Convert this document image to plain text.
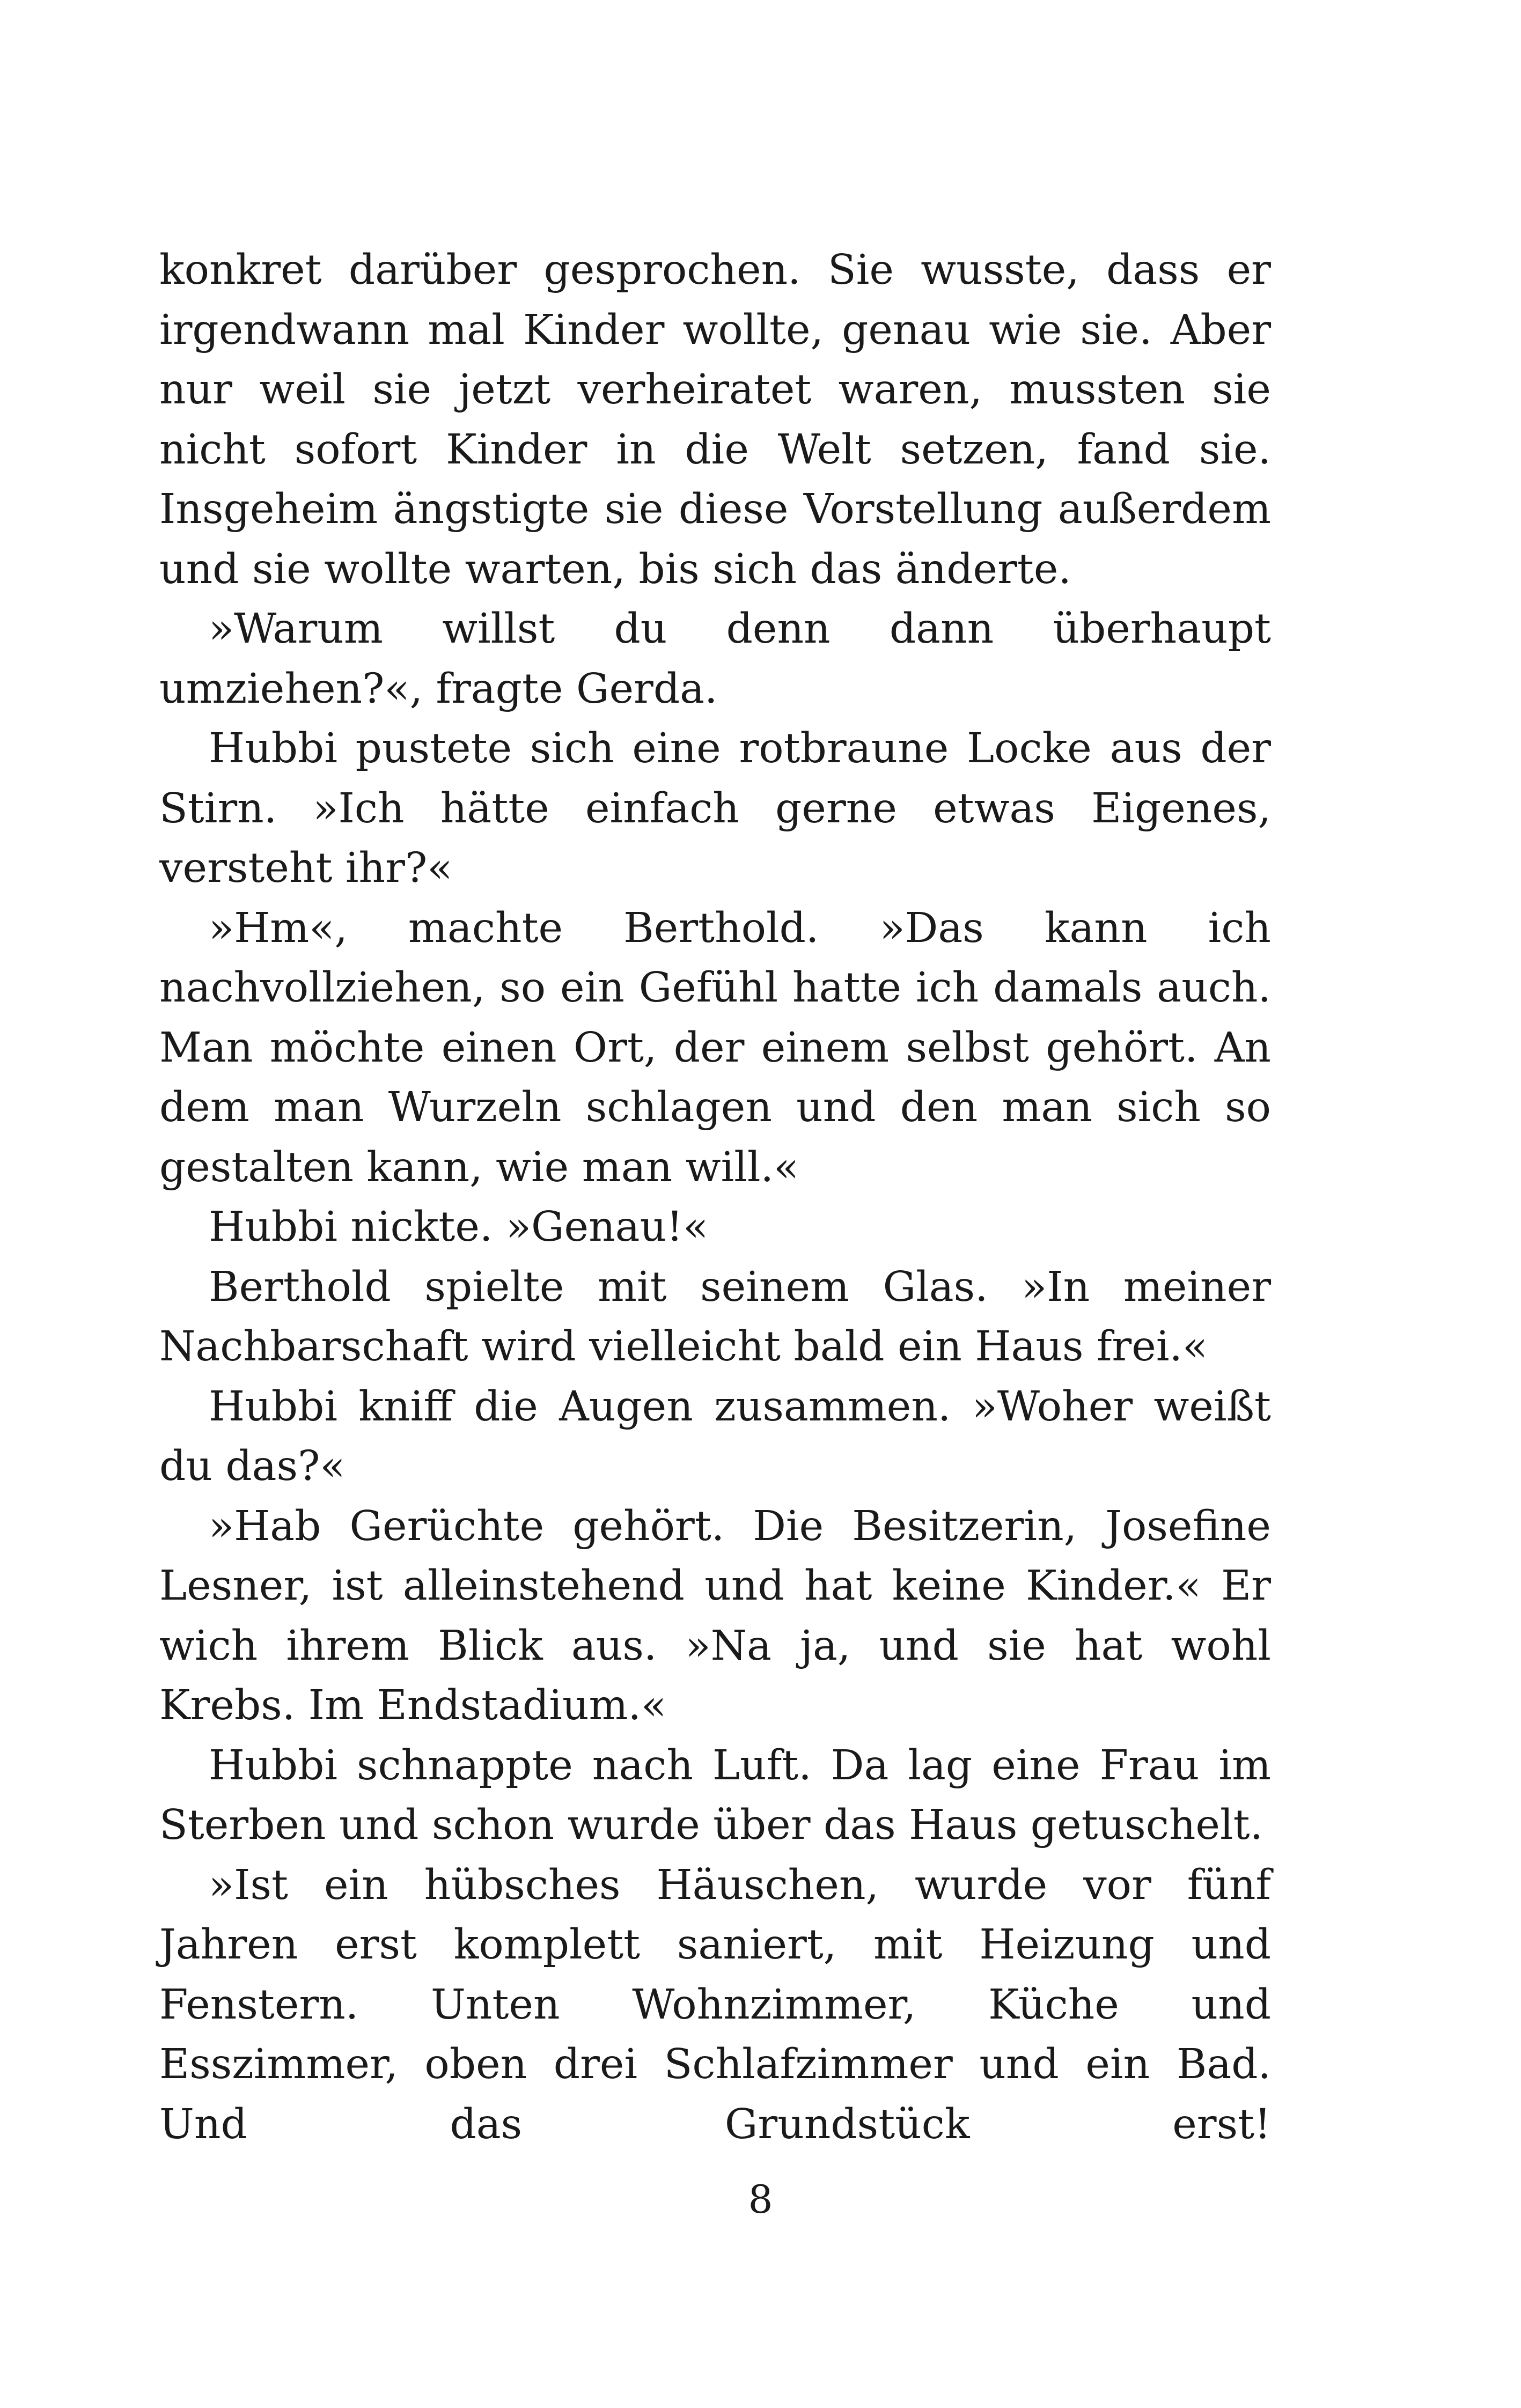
konkret darüber gesprochen. Sie wusste, dass er irgendwann mal Kinder wollte, genau wie sie. Aber nur weil sie jetzt verheiratet waren, mussten sie nicht sofort Kinder in die Welt setzen, fand sie. Insgeheim ängstigte sie diese Vorstellung außerdem und sie wollte warten, bis sich das änderte.

»Warum willst du denn dann überhaupt umziehen?«, fragte Gerda.

Hubbi pustete sich eine rotbraune Locke aus der Stirn. »Ich hätte einfach gerne etwas Eigenes, versteht ihr?«

»Hm«, machte Berthold. »Das kann ich nachvollziehen, so ein Gefühl hatte ich damals auch. Man möchte einen Ort, der einem selbst gehört. An dem man Wurzeln schlagen und den man sich so gestalten kann, wie man will.«

Hubbi nickte. »Genau!«

Berthold spielte mit seinem Glas. »In meiner Nachbarschaft wird vielleicht bald ein Haus frei.«

Hubbi kniff die Augen zusammen. »Woher weißt du das?«

»Hab Gerüchte gehört. Die Besitzerin, Josefine Lesner, ist alleinstehend und hat keine Kinder.« Er wich ihrem Blick aus. »Na ja, und sie hat wohl Krebs. Im Endstadium.«

Hubbi schnappte nach Luft. Da lag eine Frau im Sterben und schon wurde über das Haus getuschelt.

»Ist ein hübsches Häuschen, wurde vor fünf Jahren erst komplett saniert, mit Heizung und Fenstern. Unten Wohnzimmer, Küche und Esszimmer, oben drei Schlafzimmer und ein Bad. Und das Grundstück erst!

8
